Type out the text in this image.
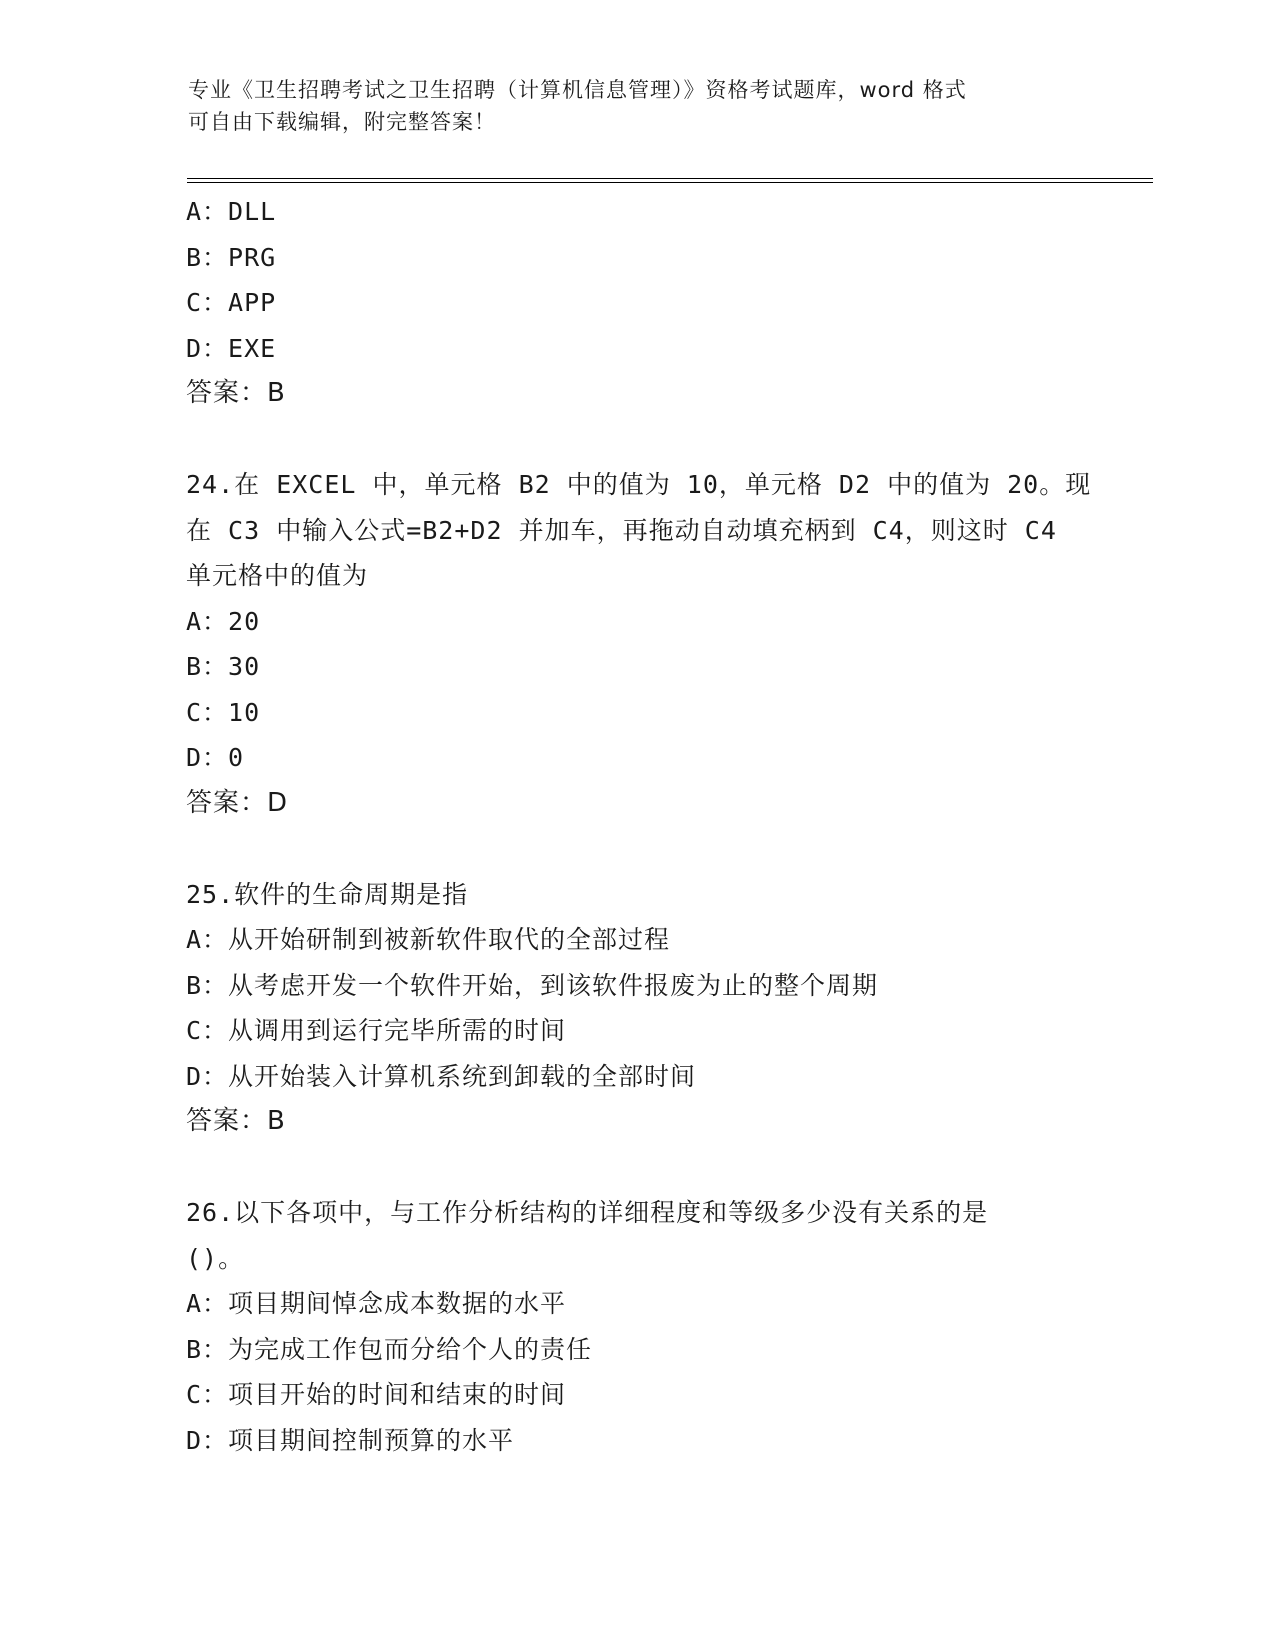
专业《卫生招聘考试之卫生招聘（计算机信息管理）》资格考试题库，word 格式
可自由下载编辑，附完整答案！
A：DLL
B：PRG
C：APP
D：EXE
答案：B
24.在 EXCEL 中，单元格 B2 中的值为 10，单元格 D2 中的值为 20。现
在 C3 中输入公式=B2+D2 并加车，再拖动自动填充柄到 C4，则这时 C4
单元格中的值为
A：20
B：30
C：10
D：0
答案：D
25.软件的生命周期是指
A：从开始研制到被新软件取代的全部过程
B：从考虑开发一个软件开始，到该软件报废为止的整个周期
C：从调用到运行完毕所需的时间
D：从开始装入计算机系统到卸载的全部时间
答案：B
26.以下各项中，与工作分析结构的详细程度和等级多少没有关系的是
()。
A：项目期间悼念成本数据的水平
B：为完成工作包而分给个人的责任
C：项目开始的时间和结束的时间
D：项目期间控制预算的水平
